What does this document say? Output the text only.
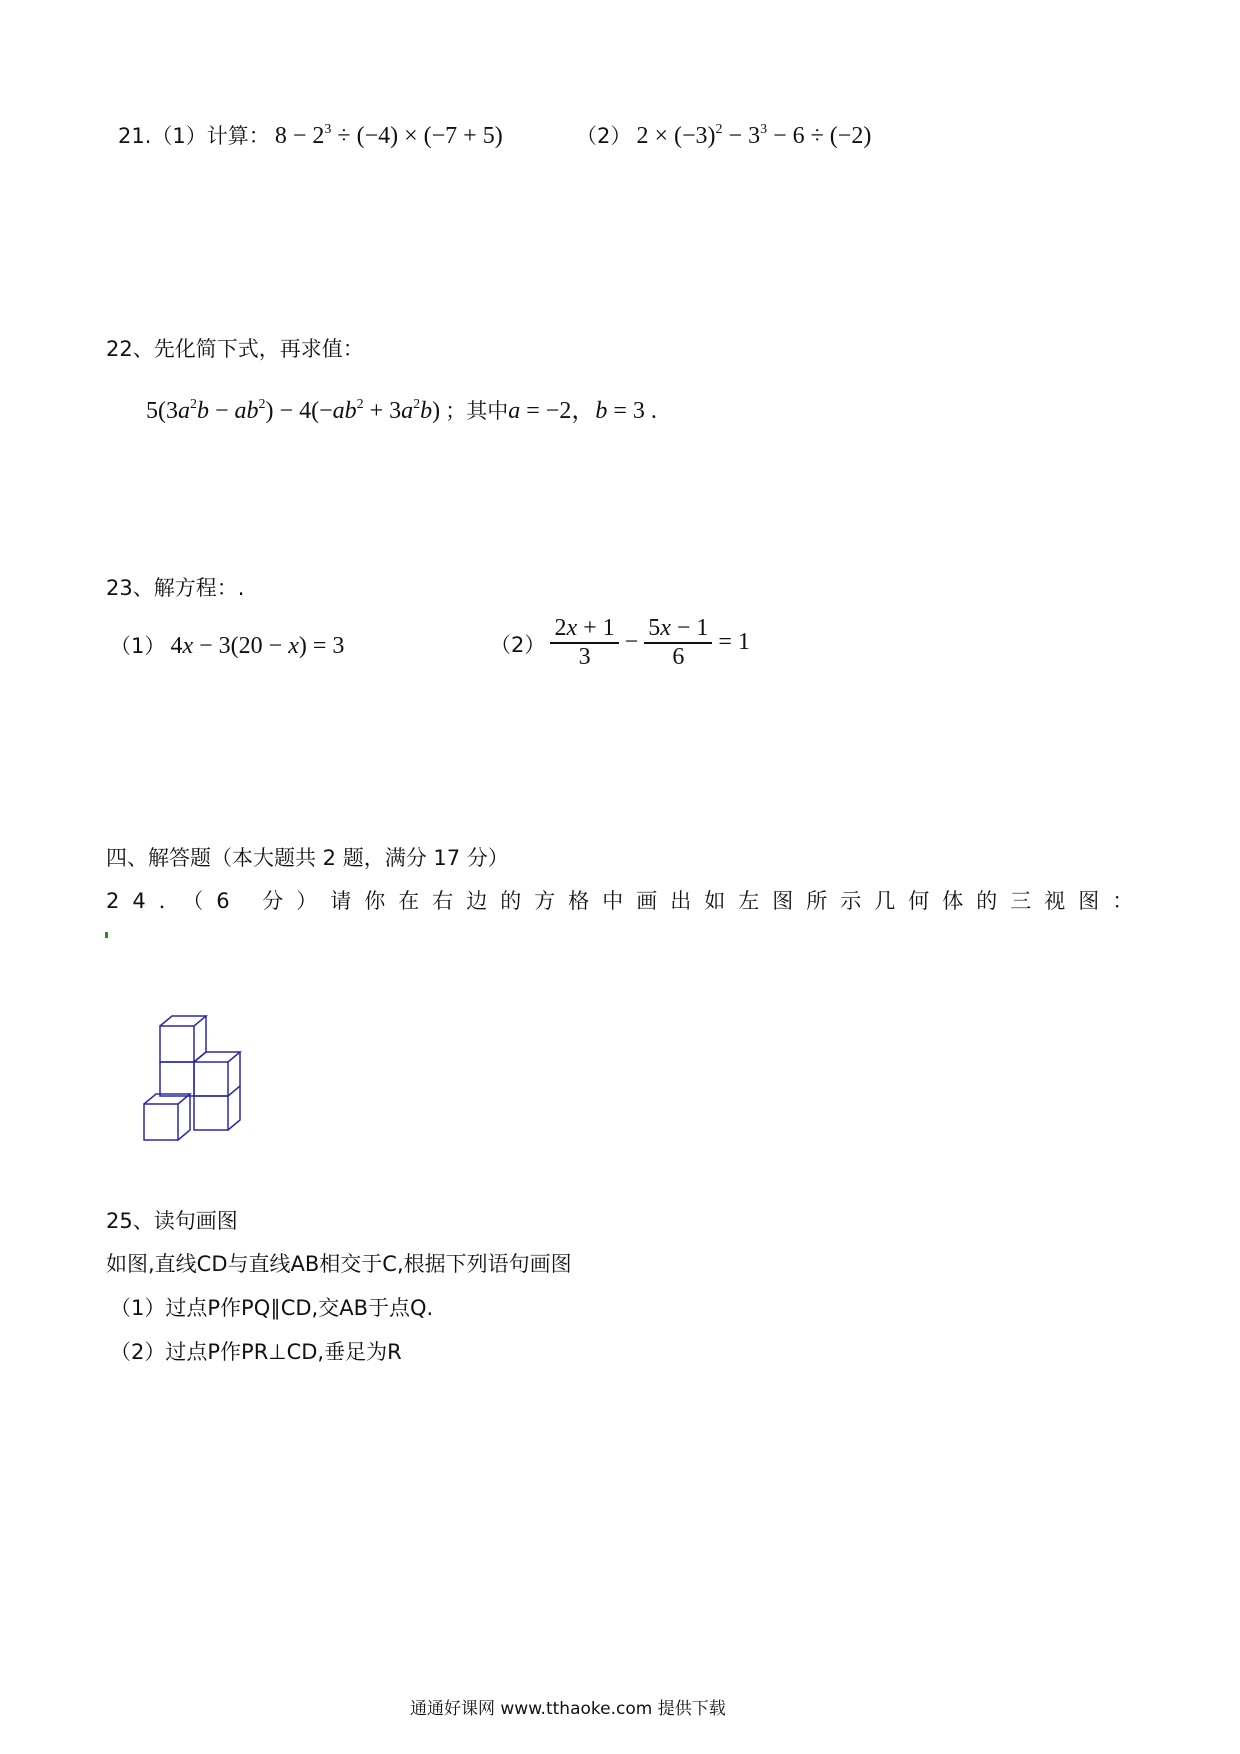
21.（1）计算： $8 - 2^3 \div (-4) \times (-7 + 5)$	（2） $2 \times (-3)^2 - 3^3 - 6 \div (-2)$
22、先化简下式，再求值：
$5(3a^2b - ab^2) - 4(-ab^2 + 3a^2b)$ ；其中a = −2，b = 3 .
23、解方程：.
（1） 4x − 3(20 − x) = 3	$(2) \frac{2x + 1}{3} - \frac{5x - 1}{6} = 1$
四、解答题（本大题共 2 题，满分 17 分）
24．（6 分）请你在右边的方格中画出如左图所示几何体的三视图：
25、读句画图
如图,直线CD与直线AB相交于C,根据下列语句画图
（1）过点P作PQ∥CD,交AB于点Q.
（2）过点P作PR⊥CD,垂足为R
通通好课网 www.tthaoke.com 提供下载
